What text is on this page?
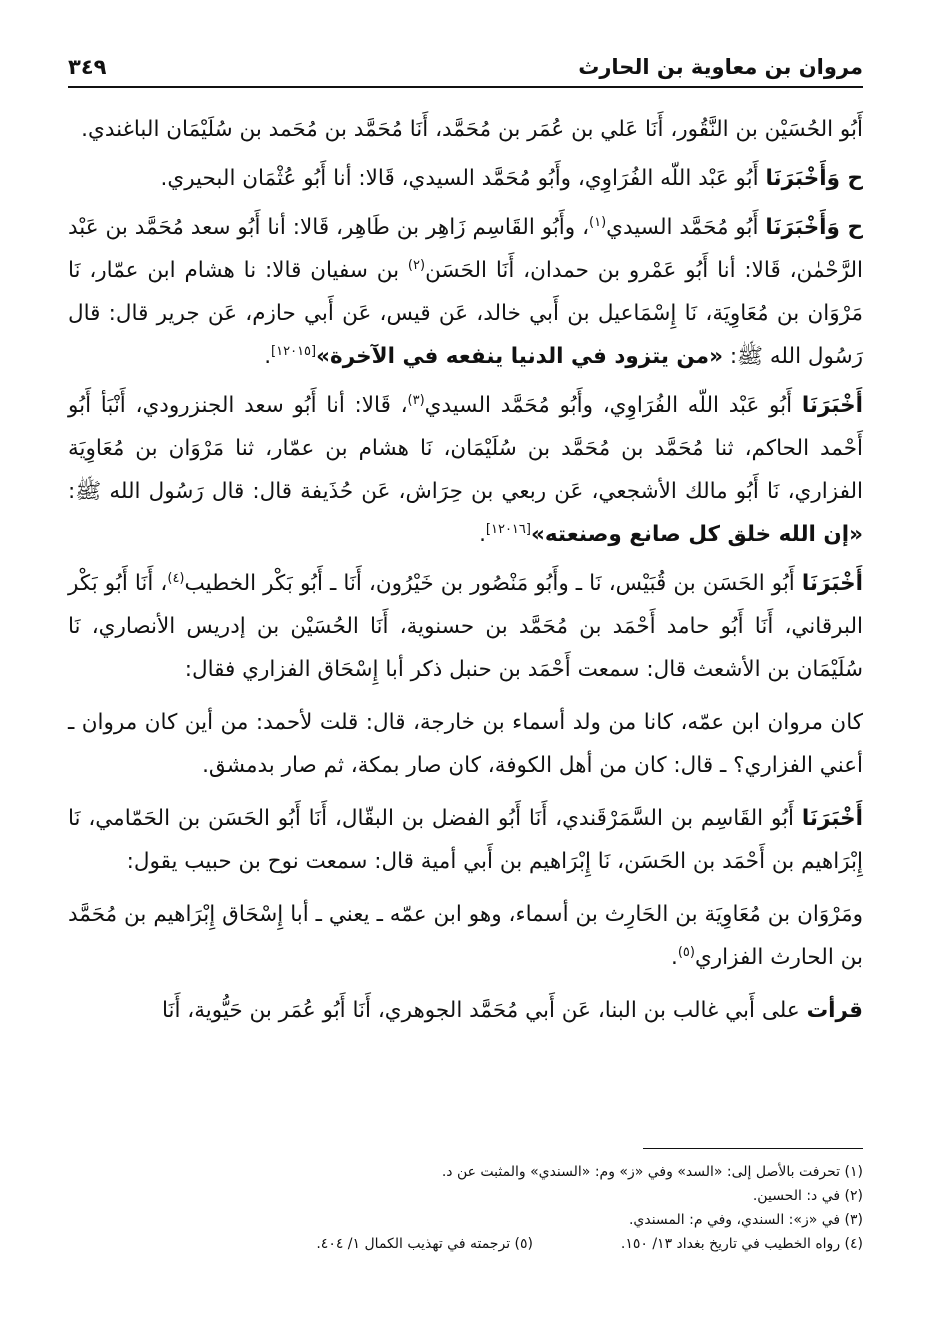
مروان بن معاوية بن الحارث
٣٤٩

أَبُو الحُسَيْن بن النَّقُور، أَنَا عَلي بن عُمَر بن مُحَمَّد، أَنَا مُحَمَّد بن مُحَمد بن سُلَيْمَان الباغندي.

ح وَأَخْبَرَنَا أَبُو عَبْد اللّه الفُرَاوِي، وأَبُو مُحَمَّد السيدي، قَالا: أنا أَبُو عُثْمَان البحيري.

ح وَأَخْبَرَنَا أَبُو مُحَمَّد السيدي$^{(١)}$، وأَبُو القَاسِم زَاهِر بن طَاهِر، قَالا: أنا أَبُو سعد مُحَمَّد بن عَبْد الرَّحْمٰن، قَالا: أنا أَبُو عَمْرو بن حمدان، أَنَا الحَسَن$^{(٢)}$ بن سفيان قالا: نا هشام ابن عمّار، نَا مَرْوَان بن مُعَاوِيَة، نَا إِسْمَاعيل بن أَبي خالد، عَن قيس، عَن أَبي حازم، عَن جرير قال: قال رَسُول الله ﷺ: «من يتزود في الدنيا ينفعه في الآخرة»[١٢٠١٥].

أَخْبَرَنَا أَبُو عَبْد اللّه الفُرَاوِي، وأَبُو مُحَمَّد السيدي$^{(٣)}$، قَالا: أنا أَبُو سعد الجنزرودي، أَنْبَأ أَبُو أَحْمد الحاكم، ثنا مُحَمَّد بن مُحَمَّد بن سُلَيْمَان، نَا هشام بن عمّار، ثنا مَرْوَان بن مُعَاوِيَة الفزاري، نَا أَبُو مالك الأشجعي، عَن ربعي بن حِرَاش، عَن حُذَيفة قال: قال رَسُول الله ﷺ: «إن الله خلق كل صانع وصنعته»[١٢٠١٦].

أَخْبَرَنَا أَبُو الحَسَن بن قُبَيْس، نَا ـ وأَبُو مَنْصُور بن خَيْرُون، أَنَا ـ أَبُو بَكْر الخطيب$^{(٤)}$، أَنَا أَبُو بَكْر البرقاني، أَنَا أَبُو حامد أَحْمَد بن مُحَمَّد بن حسنوية، أَنَا الحُسَيْن بن إدريس الأنصاري، نَا سُلَيْمَان بن الأشعث قال: سمعت أَحْمَد بن حنبل ذكر أبا إِسْحَاق الفزاري فقال:

كان مروان ابن عمّه، كانا من ولد أسماء بن خارجة، قال: قلت لأحمد: من أين كان مروان ـ أعني الفزاري؟ ـ قال: كان من أهل الكوفة، كان صار بمكة، ثم صار بدمشق.

أَخْبَرَنَا أَبُو القَاسِم بن السَّمَرْقَندي، أَنَا أَبُو الفضل بن البقّال، أَنَا أَبُو الحَسَن بن الحَمّامي، نَا إِبْرَاهيم بن أَحْمَد بن الحَسَن، نَا إِبْرَاهيم بن أَبي أمية قال: سمعت نوح بن حبيب يقول:

ومَرْوَان بن مُعَاوِيَة بن الحَارِث بن أسماء، وهو ابن عمّه ـ يعني ـ أبا إِسْحَاق إِبْرَاهيم بن مُحَمَّد بن الحارث الفزاري$^{(٥)}$.

قرأت على أَبي غالب بن البنا، عَن أَبي مُحَمَّد الجوهري، أَنَا أَبُو عُمَر بن حَيُّوية، أَنَا

(١) تحرفت بالأصل إلى: «السد» وفي «ز» وم: «السندي» والمثبت عن د.
(٢) في د: الحسين.
(٣) في «ز»: السندي، وفي م: المسندي.
(٤) رواه الخطيب في تاريخ بغداد ١٣/ ١٥٠.
(٥) ترجمته في تهذيب الكمال ١/ ٤٠٤.
